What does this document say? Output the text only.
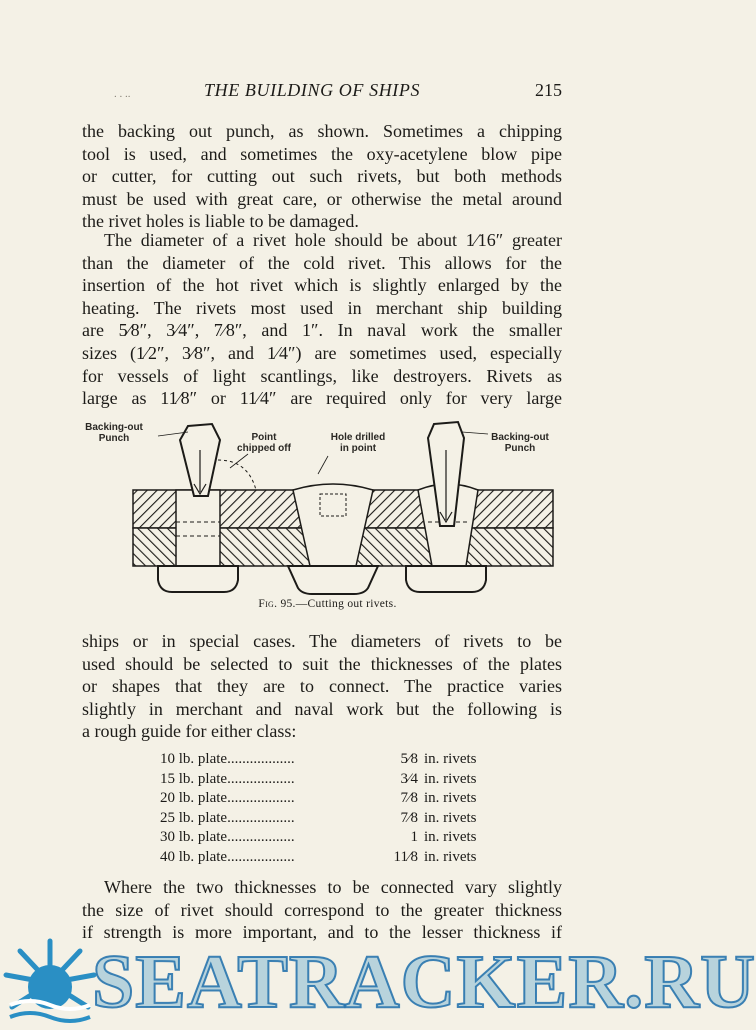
. . ..	THE BUILDING OF SHIPS	215

the backing out punch, as shown. Sometimes a chipping
tool is used, and sometimes the oxy-acetylene blow pipe
or cutter, for cutting out such rivets, but both methods
must be used with great care, or otherwise the metal around
the rivet holes is liable to be damaged.

The diameter of a rivet hole should be about 1⁄16″ greater
than the diameter of the cold rivet. This allows for the
insertion of the hot rivet which is slightly enlarged by the
heating. The rivets most used in merchant ship building
are 5⁄8″, 3⁄4″, 7⁄8″, and 1″. In naval work the smaller
sizes (1⁄2″, 3⁄8″, and 1⁄4″) are sometimes used, especially
for vessels of light scantlings, like destroyers. Rivets as
large as 11⁄8″ or 11⁄4″ are required only for very large

Backing-out
Punch	Point
chipped off
Hole drilled
in point
Backing-out
Punch
Fig. 95.—Cutting out rivets.

ships or in special cases. The diameters of rivets to be
used should be selected to suit the thicknesses of the plates
or shapes that they are to connect. The practice varies
slightly in merchant and naval work but the following is
a rough guide for either class:

10 lb. plate..................	5⁄8	in. rivets
15 lb. plate..................	3⁄4	in. rivets
20 lb. plate..................	7⁄8	in. rivets
25 lb. plate..................	7⁄8	in. rivets
30 lb. plate..................	1	in. rivets
40 lb. plate..................	11⁄8	in. rivets

Where the two thicknesses to be connected vary slightly
the size of rivet should correspond to the greater thickness
if strength is more important, and to the lesser thickness if

SEATRACKER.RU
